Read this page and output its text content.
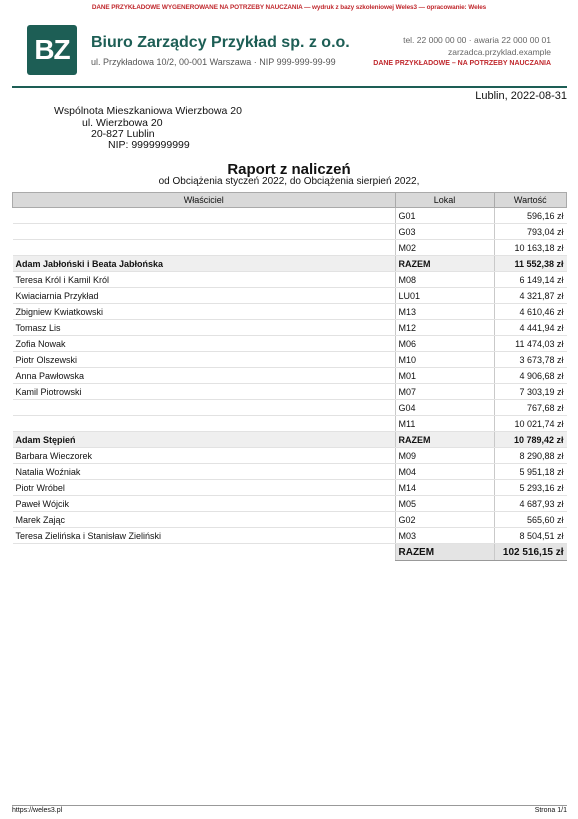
DANE PRZYKŁADOWE WYGENEROWANE NA POTRZEBY NAUCZANIA — wydruk z bazy szkoleniowej Weles3 — opracowanie: Weles
BZ	Biuro Zarządcy Przykład sp. z o.o.
ul. Przykładowa 10/2, 00-001 Warszawa · NIP 999-999-99-99
tel. 22 000 00 00 · awaria 22 000 00 01
zarzadca.przyklad.example
DANE PRZYKŁADOWE – NA POTRZEBY NAUCZANIA
Lublin, 2022-08-31
Wspólnota Mieszkaniowa Wierzbowa 20
ul. Wierzbowa 20
20-827 Lublin
NIP: 9999999999
Raport z naliczeń
od Obciążenia styczeń 2022, do Obciążenia sierpień 2022,
Właściciel	Lokal	Wartość
	G01	596,16 zł
	G03	793,04 zł
	M02	10 163,18 zł
Adam Jabłoński i Beata Jabłońska	RAZEM	11 552,38 zł
Teresa Król i Kamil Król	M08	6 149,14 zł
Kwiaciarnia Przykład	LU01	4 321,87 zł
Zbigniew Kwiatkowski	M13	4 610,46 zł
Tomasz Lis	M12	4 441,94 zł
Zofia Nowak	M06	11 474,03 zł
Piotr Olszewski	M10	3 673,78 zł
Anna Pawłowska	M01	4 906,68 zł
Kamil Piotrowski	M07	7 303,19 zł
	G04	767,68 zł
	M11	10 021,74 zł
Adam Stępień	RAZEM	10 789,42 zł
Barbara Wieczorek	M09	8 290,88 zł
Natalia Woźniak	M04	5 951,18 zł
Piotr Wróbel	M14	5 293,16 zł
Paweł Wójcik	M05	4 687,93 zł
Marek Zając	G02	565,60 zł
Teresa Zielińska i Stanisław Zieliński	M03	8 504,51 zł
	RAZEM	102 516,15 zł
https://weles3.pl	Strona 1/1
